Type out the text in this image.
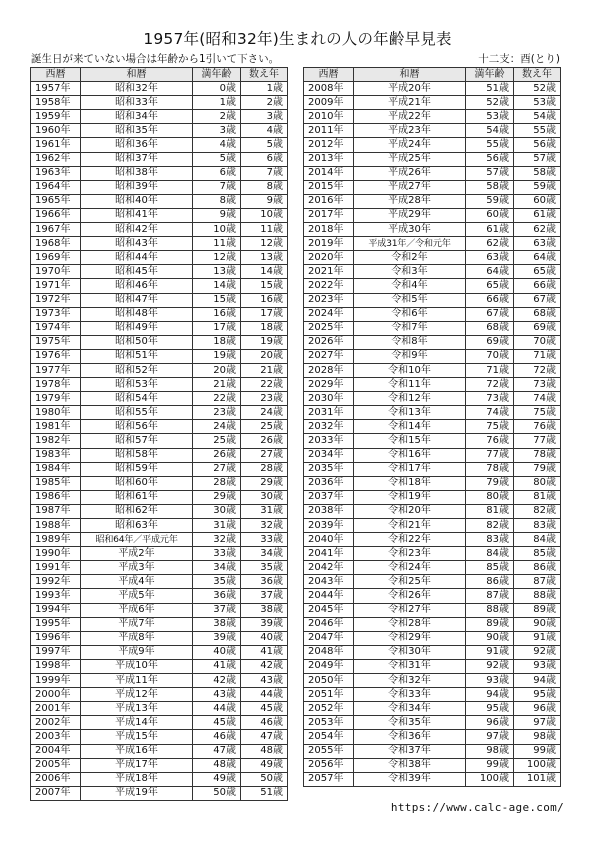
1957年(昭和32年)生まれの人の年齢早見表
誕生日が来ていない場合は年齢から1引いて下さい。	十二支：酉(とり)
西暦	和暦	満年齢	数え年
1957年	昭和32年	0歳	1歳
1958年	昭和33年	1歳	2歳
1959年	昭和34年	2歳	3歳
1960年	昭和35年	3歳	4歳
1961年	昭和36年	4歳	5歳
1962年	昭和37年	5歳	6歳
1963年	昭和38年	6歳	7歳
1964年	昭和39年	7歳	8歳
1965年	昭和40年	8歳	9歳
1966年	昭和41年	9歳	10歳
1967年	昭和42年	10歳	11歳
1968年	昭和43年	11歳	12歳
1969年	昭和44年	12歳	13歳
1970年	昭和45年	13歳	14歳
1971年	昭和46年	14歳	15歳
1972年	昭和47年	15歳	16歳
1973年	昭和48年	16歳	17歳
1974年	昭和49年	17歳	18歳
1975年	昭和50年	18歳	19歳
1976年	昭和51年	19歳	20歳
1977年	昭和52年	20歳	21歳
1978年	昭和53年	21歳	22歳
1979年	昭和54年	22歳	23歳
1980年	昭和55年	23歳	24歳
1981年	昭和56年	24歳	25歳
1982年	昭和57年	25歳	26歳
1983年	昭和58年	26歳	27歳
1984年	昭和59年	27歳	28歳
1985年	昭和60年	28歳	29歳
1986年	昭和61年	29歳	30歳
1987年	昭和62年	30歳	31歳
1988年	昭和63年	31歳	32歳
1989年	昭和64年／平成元年	32歳	33歳
1990年	平成2年	33歳	34歳
1991年	平成3年	34歳	35歳
1992年	平成4年	35歳	36歳
1993年	平成5年	36歳	37歳
1994年	平成6年	37歳	38歳
1995年	平成7年	38歳	39歳
1996年	平成8年	39歳	40歳
1997年	平成9年	40歳	41歳
1998年	平成10年	41歳	42歳
1999年	平成11年	42歳	43歳
2000年	平成12年	43歳	44歳
2001年	平成13年	44歳	45歳
2002年	平成14年	45歳	46歳
2003年	平成15年	46歳	47歳
2004年	平成16年	47歳	48歳
2005年	平成17年	48歳	49歳
2006年	平成18年	49歳	50歳
2007年	平成19年	50歳	51歳
西暦	和暦	満年齢	数え年
2008年	平成20年	51歳	52歳
2009年	平成21年	52歳	53歳
2010年	平成22年	53歳	54歳
2011年	平成23年	54歳	55歳
2012年	平成24年	55歳	56歳
2013年	平成25年	56歳	57歳
2014年	平成26年	57歳	58歳
2015年	平成27年	58歳	59歳
2016年	平成28年	59歳	60歳
2017年	平成29年	60歳	61歳
2018年	平成30年	61歳	62歳
2019年	平成31年／令和元年	62歳	63歳
2020年	令和2年	63歳	64歳
2021年	令和3年	64歳	65歳
2022年	令和4年	65歳	66歳
2023年	令和5年	66歳	67歳
2024年	令和6年	67歳	68歳
2025年	令和7年	68歳	69歳
2026年	令和8年	69歳	70歳
2027年	令和9年	70歳	71歳
2028年	令和10年	71歳	72歳
2029年	令和11年	72歳	73歳
2030年	令和12年	73歳	74歳
2031年	令和13年	74歳	75歳
2032年	令和14年	75歳	76歳
2033年	令和15年	76歳	77歳
2034年	令和16年	77歳	78歳
2035年	令和17年	78歳	79歳
2036年	令和18年	79歳	80歳
2037年	令和19年	80歳	81歳
2038年	令和20年	81歳	82歳
2039年	令和21年	82歳	83歳
2040年	令和22年	83歳	84歳
2041年	令和23年	84歳	85歳
2042年	令和24年	85歳	86歳
2043年	令和25年	86歳	87歳
2044年	令和26年	87歳	88歳
2045年	令和27年	88歳	89歳
2046年	令和28年	89歳	90歳
2047年	令和29年	90歳	91歳
2048年	令和30年	91歳	92歳
2049年	令和31年	92歳	93歳
2050年	令和32年	93歳	94歳
2051年	令和33年	94歳	95歳
2052年	令和34年	95歳	96歳
2053年	令和35年	96歳	97歳
2054年	令和36年	97歳	98歳
2055年	令和37年	98歳	99歳
2056年	令和38年	99歳	100歳
2057年	令和39年	100歳	101歳
https://www.calc-age.com/
